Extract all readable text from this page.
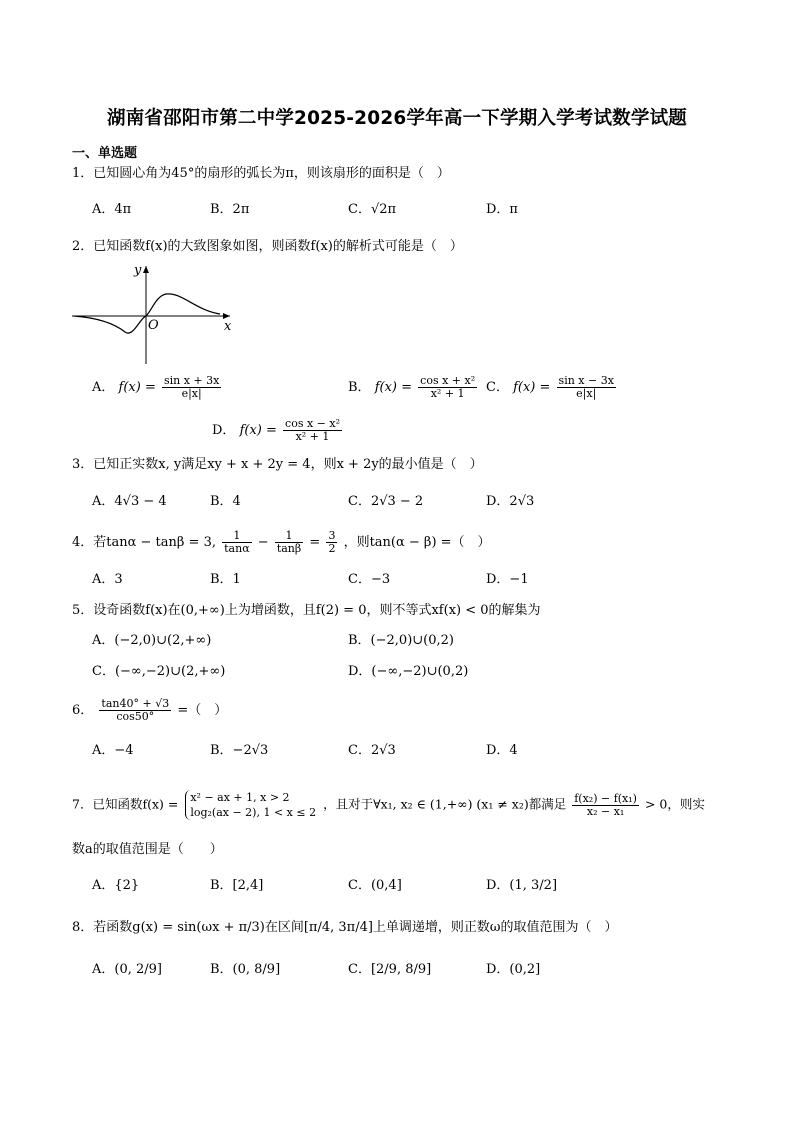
湖南省邵阳市第二中学2025-2026学年高一下学期入学考试数学试题
一、单选题
1．已知圆心角为45°的扇形的弧长为π，则该扇形的面积是（　）
A．4π	B．2π	C．√2π	D．π
2．已知函数f(x)的大致图象如图，则函数f(x)的解析式可能是（　）
x
y
O
A． $f(x) = \frac{\text{sin x + 3x}}{e|x|}$	B． $f(x) = \frac{\text{cos x + x²}}{\text{x² + 1}}$ C． $f(x) = \frac{\text{sin x − 3x}}{e|x|}$
D． $f(x) = \frac{\text{cos x − x²}}{\text{x² + 1}}$
3．已知正实数x, y满足xy + x + 2y = 4，则x + 2y的最小值是（　）
A．4√3 − 4	B．4	C．2√3 − 2	D．2√3
4．若tanα − tanβ = 3, $\frac{1}{\tan\alpha} - \frac{1}{\tan\beta} = \frac{3}{2}$ ，则tan(α − β) =（　）
A．3	B．1	C．−3	D．−1
5．设奇函数f(x)在(0,+∞)上为增函数，且f(2) = 0，则不等式xf(x) < 0的解集为
A．(−2,0)∪(2,+∞)	B．(−2,0)∪(0,2)
C．(−∞,−2)∪(2,+∞)	D．(−∞,−2)∪(0,2)
6． $\frac{\tan 40^\circ + √3}{\cos 50^\circ}$ =（　）
A．−4	B．−2√3	C．2√3	D．4
7．已知函数f(x) = x² − ax + 1, x > 2
log₂(ax − 2), 1 < x ≤ 2
，且对于∀x₁, x₂ ∈ (1,+∞) (x₁ ≠ x₂)都满足 $\frac{\text{f(x₂) − f(x₁)}}{\text{x₂ − x₁}} > 0$，则实
数a的取值范围是（　　）
A．{2}	B．[2,4]	C．(0,4]	D．(1, 3/2]
8．若函数g(x) = sin(ωx + π/3)在区间[π/4, 3π/4]上单调递增，则正数ω的取值范围为（　）
A．(0, 2/9]	B．(0, 8/9]	C．[2/9, 8/9]	D．(0,2]
